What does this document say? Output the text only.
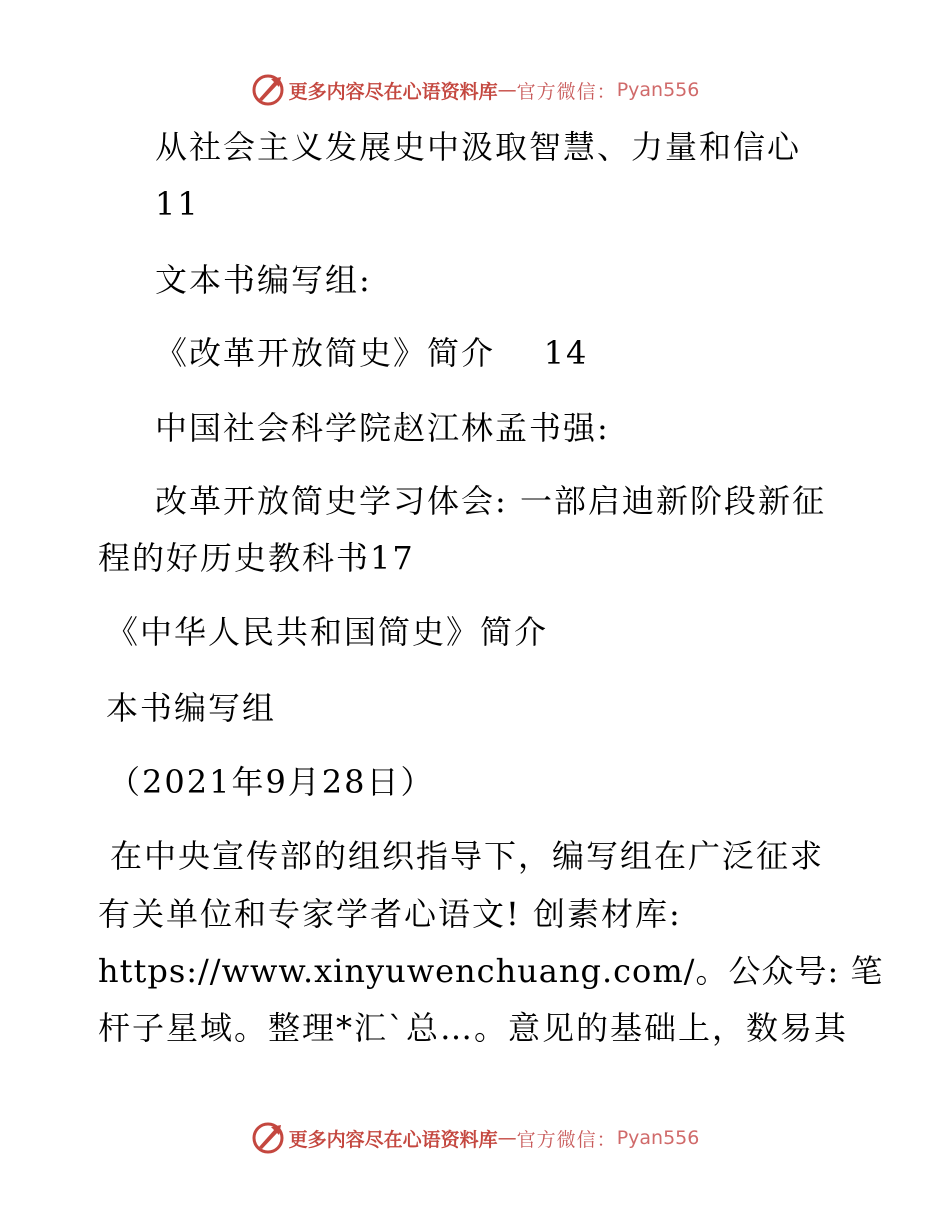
更多内容尽在心语资料库 — 官方微信： Pyan556
从社会主义发展史中汲取智慧、力量和信心
11
文本书编写组:
《改革开放简史》简介    14
中国社会科学院赵江林孟书强:
改革开放简史学习体会: 一部启迪新阶段新征
程的好历史教科书17
《中华人民共和国简史》简介
本书编写组
（2021年9月28日）
在中央宣传部的组织指导下，编写组在广泛征求
有关单位和专家学者心语文! 创素材库:
https://www.xinyuwenchuang.com/。公众号: 笔
杆子星域。整理*汇`总…。意见的基础上，数易其
更多内容尽在心语资料库 — 官方微信： Pyan556
